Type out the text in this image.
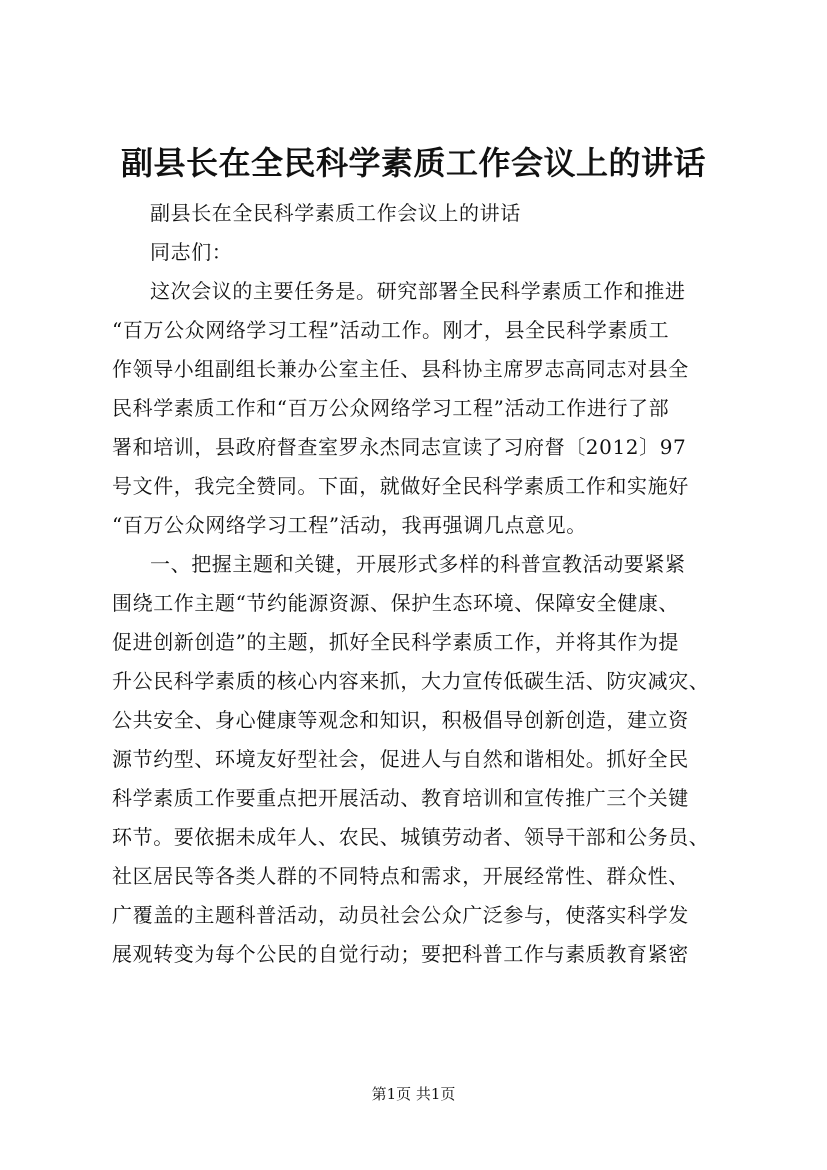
副县长在全民科学素质工作会议上的讲话
副县长在全民科学素质工作会议上的讲话
同志们：
这次会议的主要任务是。研究部署全民科学素质工作和推进
“百万公众网络学习工程”活动工作。刚才，县全民科学素质工
作领导小组副组长兼办公室主任、县科协主席罗志高同志对县全
民科学素质工作和“百万公众网络学习工程”活动工作进行了部
署和培训，县政府督查室罗永杰同志宣读了习府督〔2012〕97
号文件，我完全赞同。下面，就做好全民科学素质工作和实施好
“百万公众网络学习工程”活动，我再强调几点意见。
一、把握主题和关键，开展形式多样的科普宣教活动要紧紧
围绕工作主题“节约能源资源、保护生态环境、保障安全健康、
促进创新创造”的主题，抓好全民科学素质工作，并将其作为提
升公民科学素质的核心内容来抓，大力宣传低碳生活、防灾减灾、
公共安全、身心健康等观念和知识，积极倡导创新创造，建立资
源节约型、环境友好型社会，促进人与自然和谐相处。抓好全民
科学素质工作要重点把开展活动、教育培训和宣传推广三个关键
环节。要依据未成年人、农民、城镇劳动者、领导干部和公务员、
社区居民等各类人群的不同特点和需求，开展经常性、群众性、
广覆盖的主题科普活动，动员社会公众广泛参与，使落实科学发
展观转变为每个公民的自觉行动；要把科普工作与素质教育紧密
第1页 共1页
